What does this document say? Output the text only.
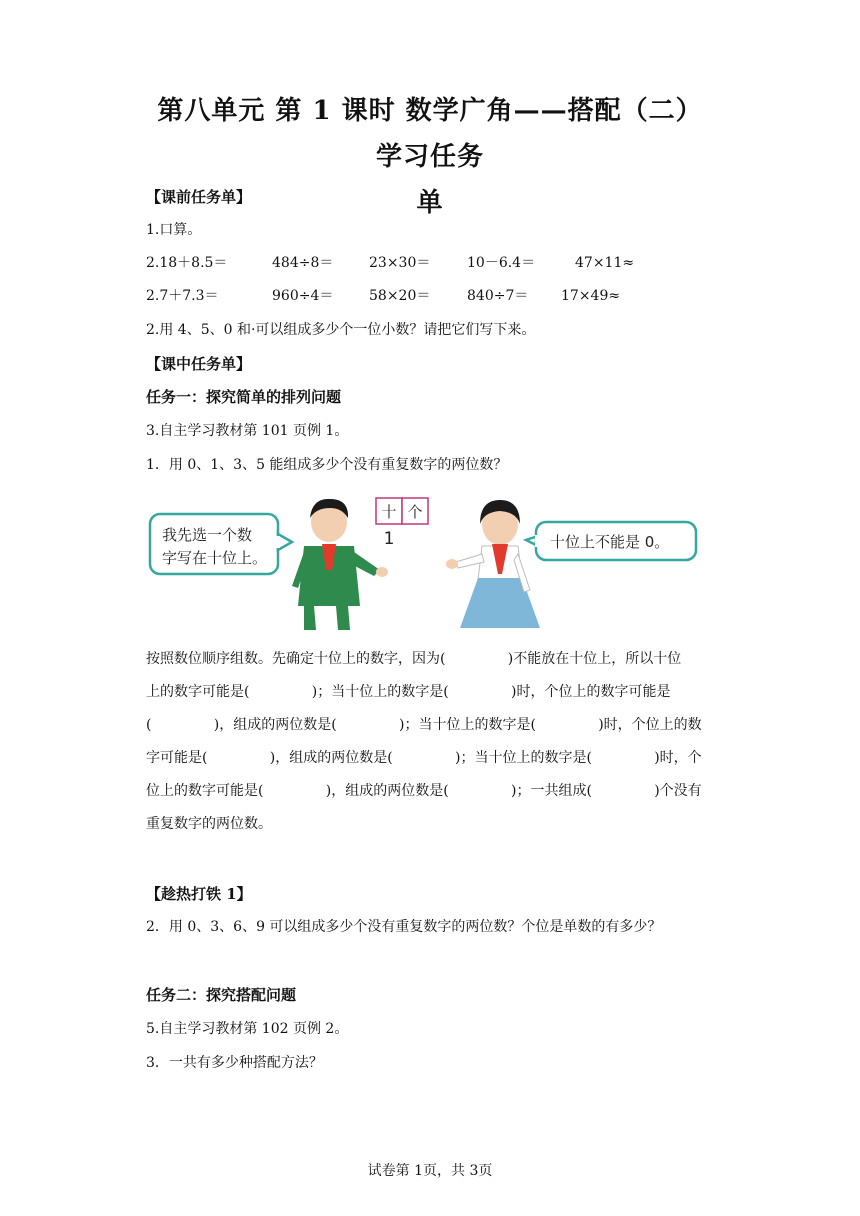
第八单元 第 1 课时 数学广角——搭配（二） 学习任务
单
【课前任务单】
1.口算。
2.18＋8.5＝	484÷8＝	23×30＝	10－6.4＝	47×11≈
2.7＋7.3＝	960÷4＝	58×20＝	840÷7＝ 17×49≈
2.用 4、5、0 和·可以组成多少个一位小数？请把它们写下来。
【课中任务单】
任务一：探究简单的排列问题
3.自主学习教材第 101 页例 1。
1．用 0、1、3、5 能组成多少个没有重复数字的两位数？
我先选一个数
字写在十位上。
十 个
1	十位上不能是 0。
按照数位顺序组数。先确定十位上的数字，因为(              )不能放在十位上，所以十位
上的数字可能是(              )；当十位上的数字是(              )时，个位上的数字可能是
(              )，组成的两位数是(              )；当十位上的数字是(              )时，个位上的数
字可能是(              )，组成的两位数是(              )；当十位上的数字是(              )时，个
位上的数字可能是(              )，组成的两位数是(              )；一共组成(              )个没有
重复数字的两位数。
【趁热打铁 1】
2．用 0、3、6、9 可以组成多少个没有重复数字的两位数？个位是单数的有多少？
任务二：探究搭配问题
5.自主学习教材第 102 页例 2。
3．一共有多少种搭配方法？
试卷第 1页，共 3页
